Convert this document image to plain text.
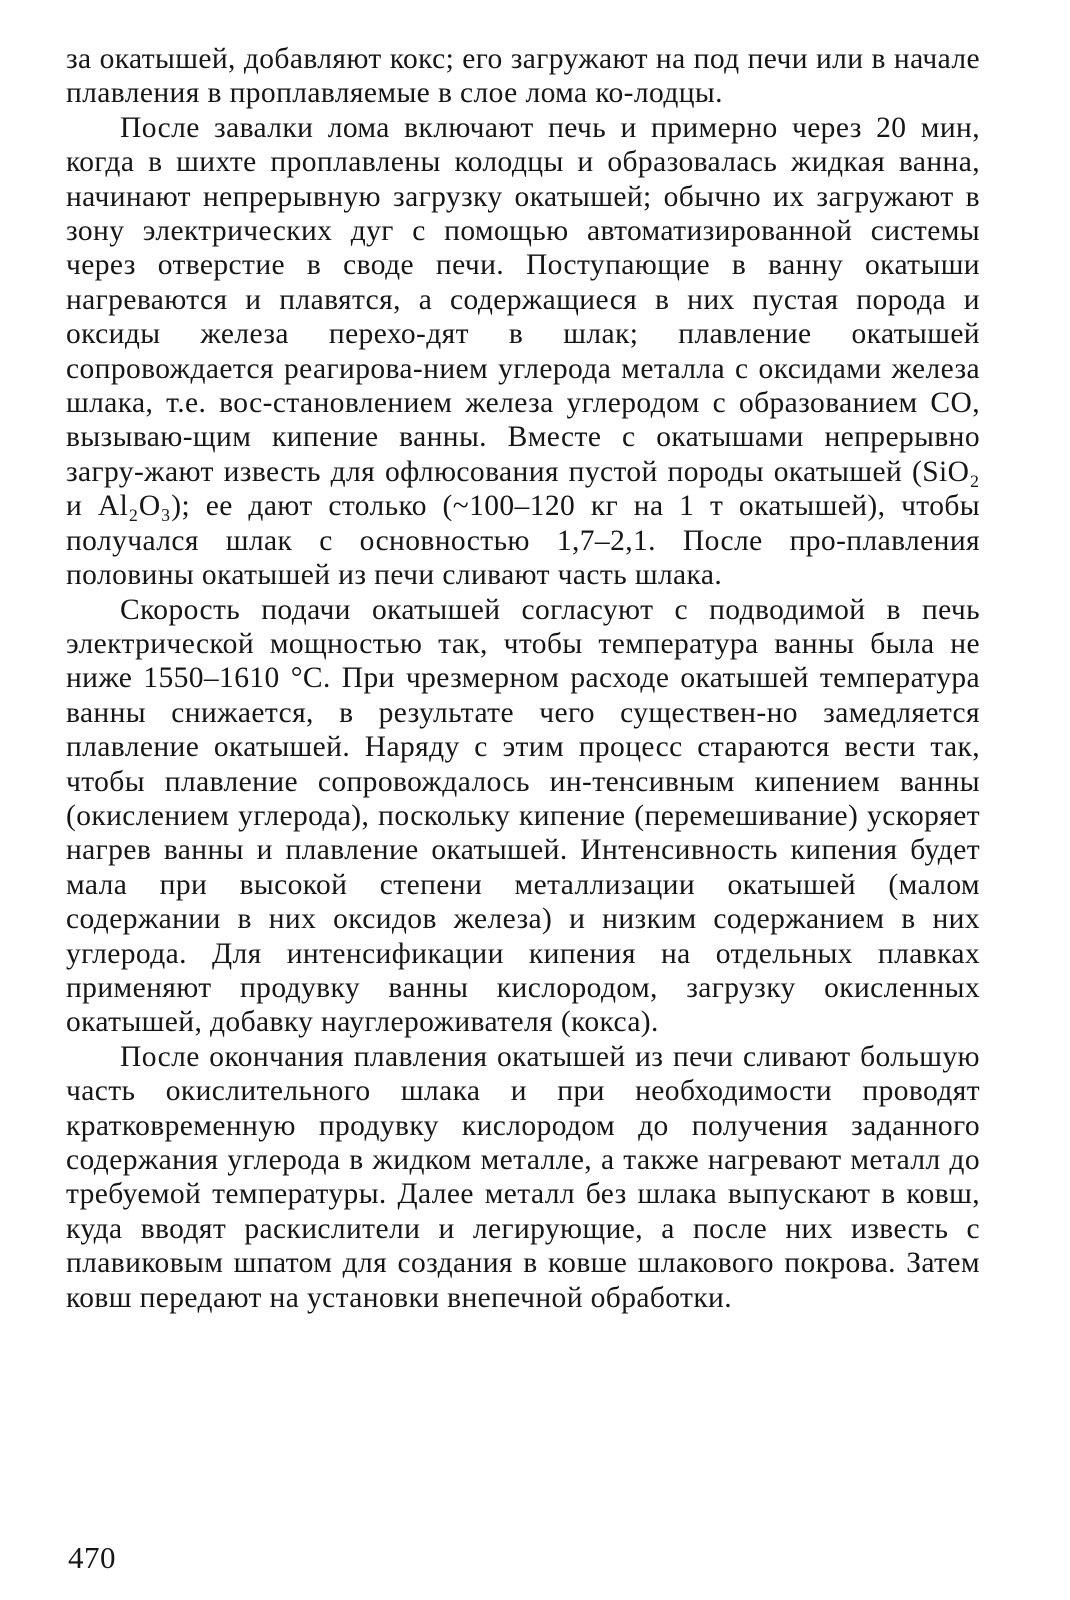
за окатышей, добавляют кокс; его загружают на под печи или в начале плавления в проплавляемые в слое лома ко-лодцы.

После завалки лома включают печь и примерно через 20 мин, когда в шихте проплавлены колодцы и образовалась жидкая ванна, начинают непрерывную загрузку окатышей; обычно их загружают в зону электрических дуг с помощью автоматизированной системы через отверстие в своде печи. Поступающие в ванну окатыши нагреваются и плавятся, а содержащиеся в них пустая порода и оксиды железа перехо-дят в шлак; плавление окатышей сопровождается реагирова-нием углерода металла с оксидами железа шлака, т.е. вос-становлением железа углеродом с образованием CO, вызываю-щим кипение ванны. Вместе с окатышами непрерывно загру-жают известь для офлюсования пустой породы окатышей (SiO₂ и Al₂O₃); ее дают столько (~100–120 кг на 1 т окатышей), чтобы получался шлак с основностью 1,7–2,1. После про-плавления половины окатышей из печи сливают часть шлака.

Скорость подачи окатышей согласуют с подводимой в печь электрической мощностью так, чтобы температура ванны была не ниже 1550–1610 °С. При чрезмерном расходе окатышей температура ванны снижается, в результате чего существен-но замедляется плавление окатышей. Наряду с этим процесс стараются вести так, чтобы плавление сопровождалось ин-тенсивным кипением ванны (окислением углерода), поскольку кипение (перемешивание) ускоряет нагрев ванны и плавление окатышей. Интенсивность кипения будет мала при высокой степени металлизации окатышей (малом содержании в них оксидов железа) и низким содержанием в них углерода. Для интенсификации кипения на отдельных плавках применяют продувку ванны кислородом, загрузку окисленных окатышей, добавку науглероживателя (кокса).

После окончания плавления окатышей из печи сливают большую часть окислительного шлака и при необходимости проводят кратковременную продувку кислородом до получения заданного содержания углерода в жидком металле, а также нагревают металл до требуемой температуры. Далее металл без шлака выпускают в ковш, куда вводят раскислители и легирующие, а после них известь с плавиковым шпатом для создания в ковше шлакового покрова. Затем ковш передают на установки внепечной обработки.

470
